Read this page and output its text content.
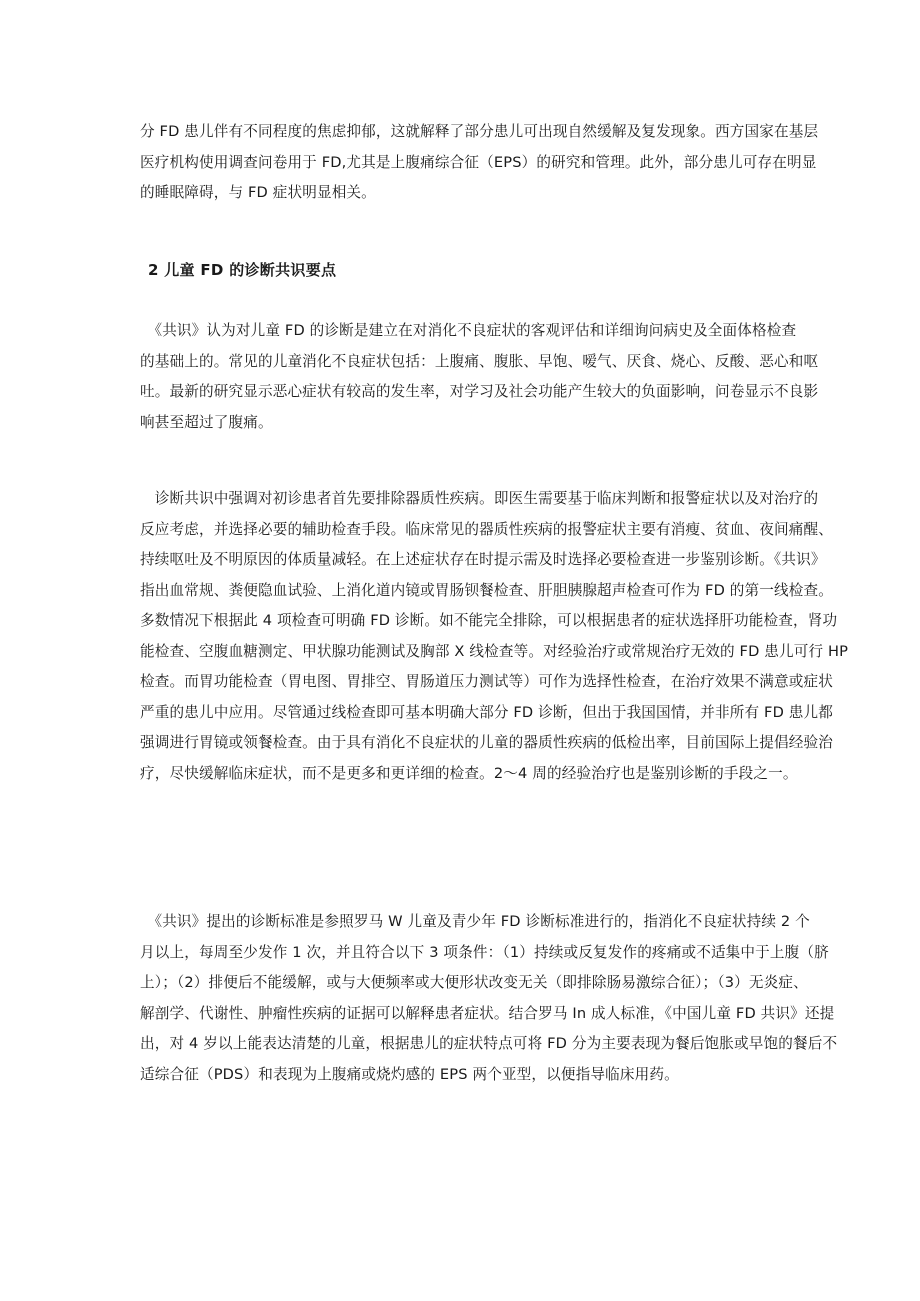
分 FD 患儿伴有不同程度的焦虑抑郁，这就解释了部分患儿可出现自然缓解及复发现象。西方国家在基层

医疗机构使用调查问卷用于 FD,尤其是上腹痛综合征（EPS）的研究和管理。此外，部分患儿可存在明显

的睡眠障碍，与 FD 症状明显相关。

2 儿童 FD 的诊断共识要点

　《共识》认为对儿童 FD 的诊断是建立在对消化不良症状的客观评估和详细询问病史及全面体格检查

的基础上的。常见的儿童消化不良症状包括：上腹痛、腹胀、早饱、嗳气、厌食、烧心、反酸、恶心和呕

吐。最新的研究显示恶心症状有较高的发生率，对学习及社会功能产生较大的负面影响，问卷显示不良影

响甚至超过了腹痛。

　诊断共识中强调对初诊患者首先要排除器质性疾病。即医生需要基于临床判断和报警症状以及对治疗的

反应考虑，并选择必要的辅助检查手段。临床常见的器质性疾病的报警症状主要有消瘦、贫血、夜间痛醒、

持续呕吐及不明原因的体质量减轻。在上述症状存在时提示需及时选择必要检查进一步鉴别诊断。《共识》

指出血常规、粪便隐血试验、上消化道内镜或胃肠钡餐检查、肝胆胰腺超声检查可作为 FD 的第一线检查。

多数情况下根据此 4 项检查可明确 FD 诊断。如不能完全排除，可以根据患者的症状选择肝功能检查，肾功

能检查、空腹血糖测定、甲状腺功能测试及胸部 X 线检查等。对经验治疗或常规治疗无效的 FD 患儿可行 HP

检查。而胃功能检查（胃电图、胃排空、胃肠道压力测试等）可作为选择性检查，在治疗效果不满意或症状

严重的患儿中应用。尽管通过线检查即可基本明确大部分 FD 诊断，但出于我国国情，并非所有 FD 患儿都

强调进行胃镜或领餐检查。由于具有消化不良症状的儿童的器质性疾病的低检出率，目前国际上提倡经验治

疗，尽快缓解临床症状，而不是更多和更详细的检查。2～4 周的经验治疗也是鉴别诊断的手段之一。

　《共识》提出的诊断标准是参照罗马 W 儿童及青少年 FD 诊断标准进行的，指消化不良症状持续 2 个

月以上，每周至少发作 1 次，并且符合以下 3 项条件：（1）持续或反复发作的疼痛或不适集中于上腹（脐

上）；（2）排便后不能缓解，或与大便频率或大便形状改变无关（即排除肠易激综合征）；（3）无炎症、

解剖学、代谢性、肿瘤性疾病的证据可以解释患者症状。结合罗马 In 成人标准，《中国儿童 FD 共识》还提

出，对 4 岁以上能表达清楚的儿童，根据患儿的症状特点可将 FD 分为主要表现为餐后饱胀或早饱的餐后不

适综合征（PDS）和表现为上腹痛或烧灼感的 EPS 两个亚型，以便指导临床用药。
